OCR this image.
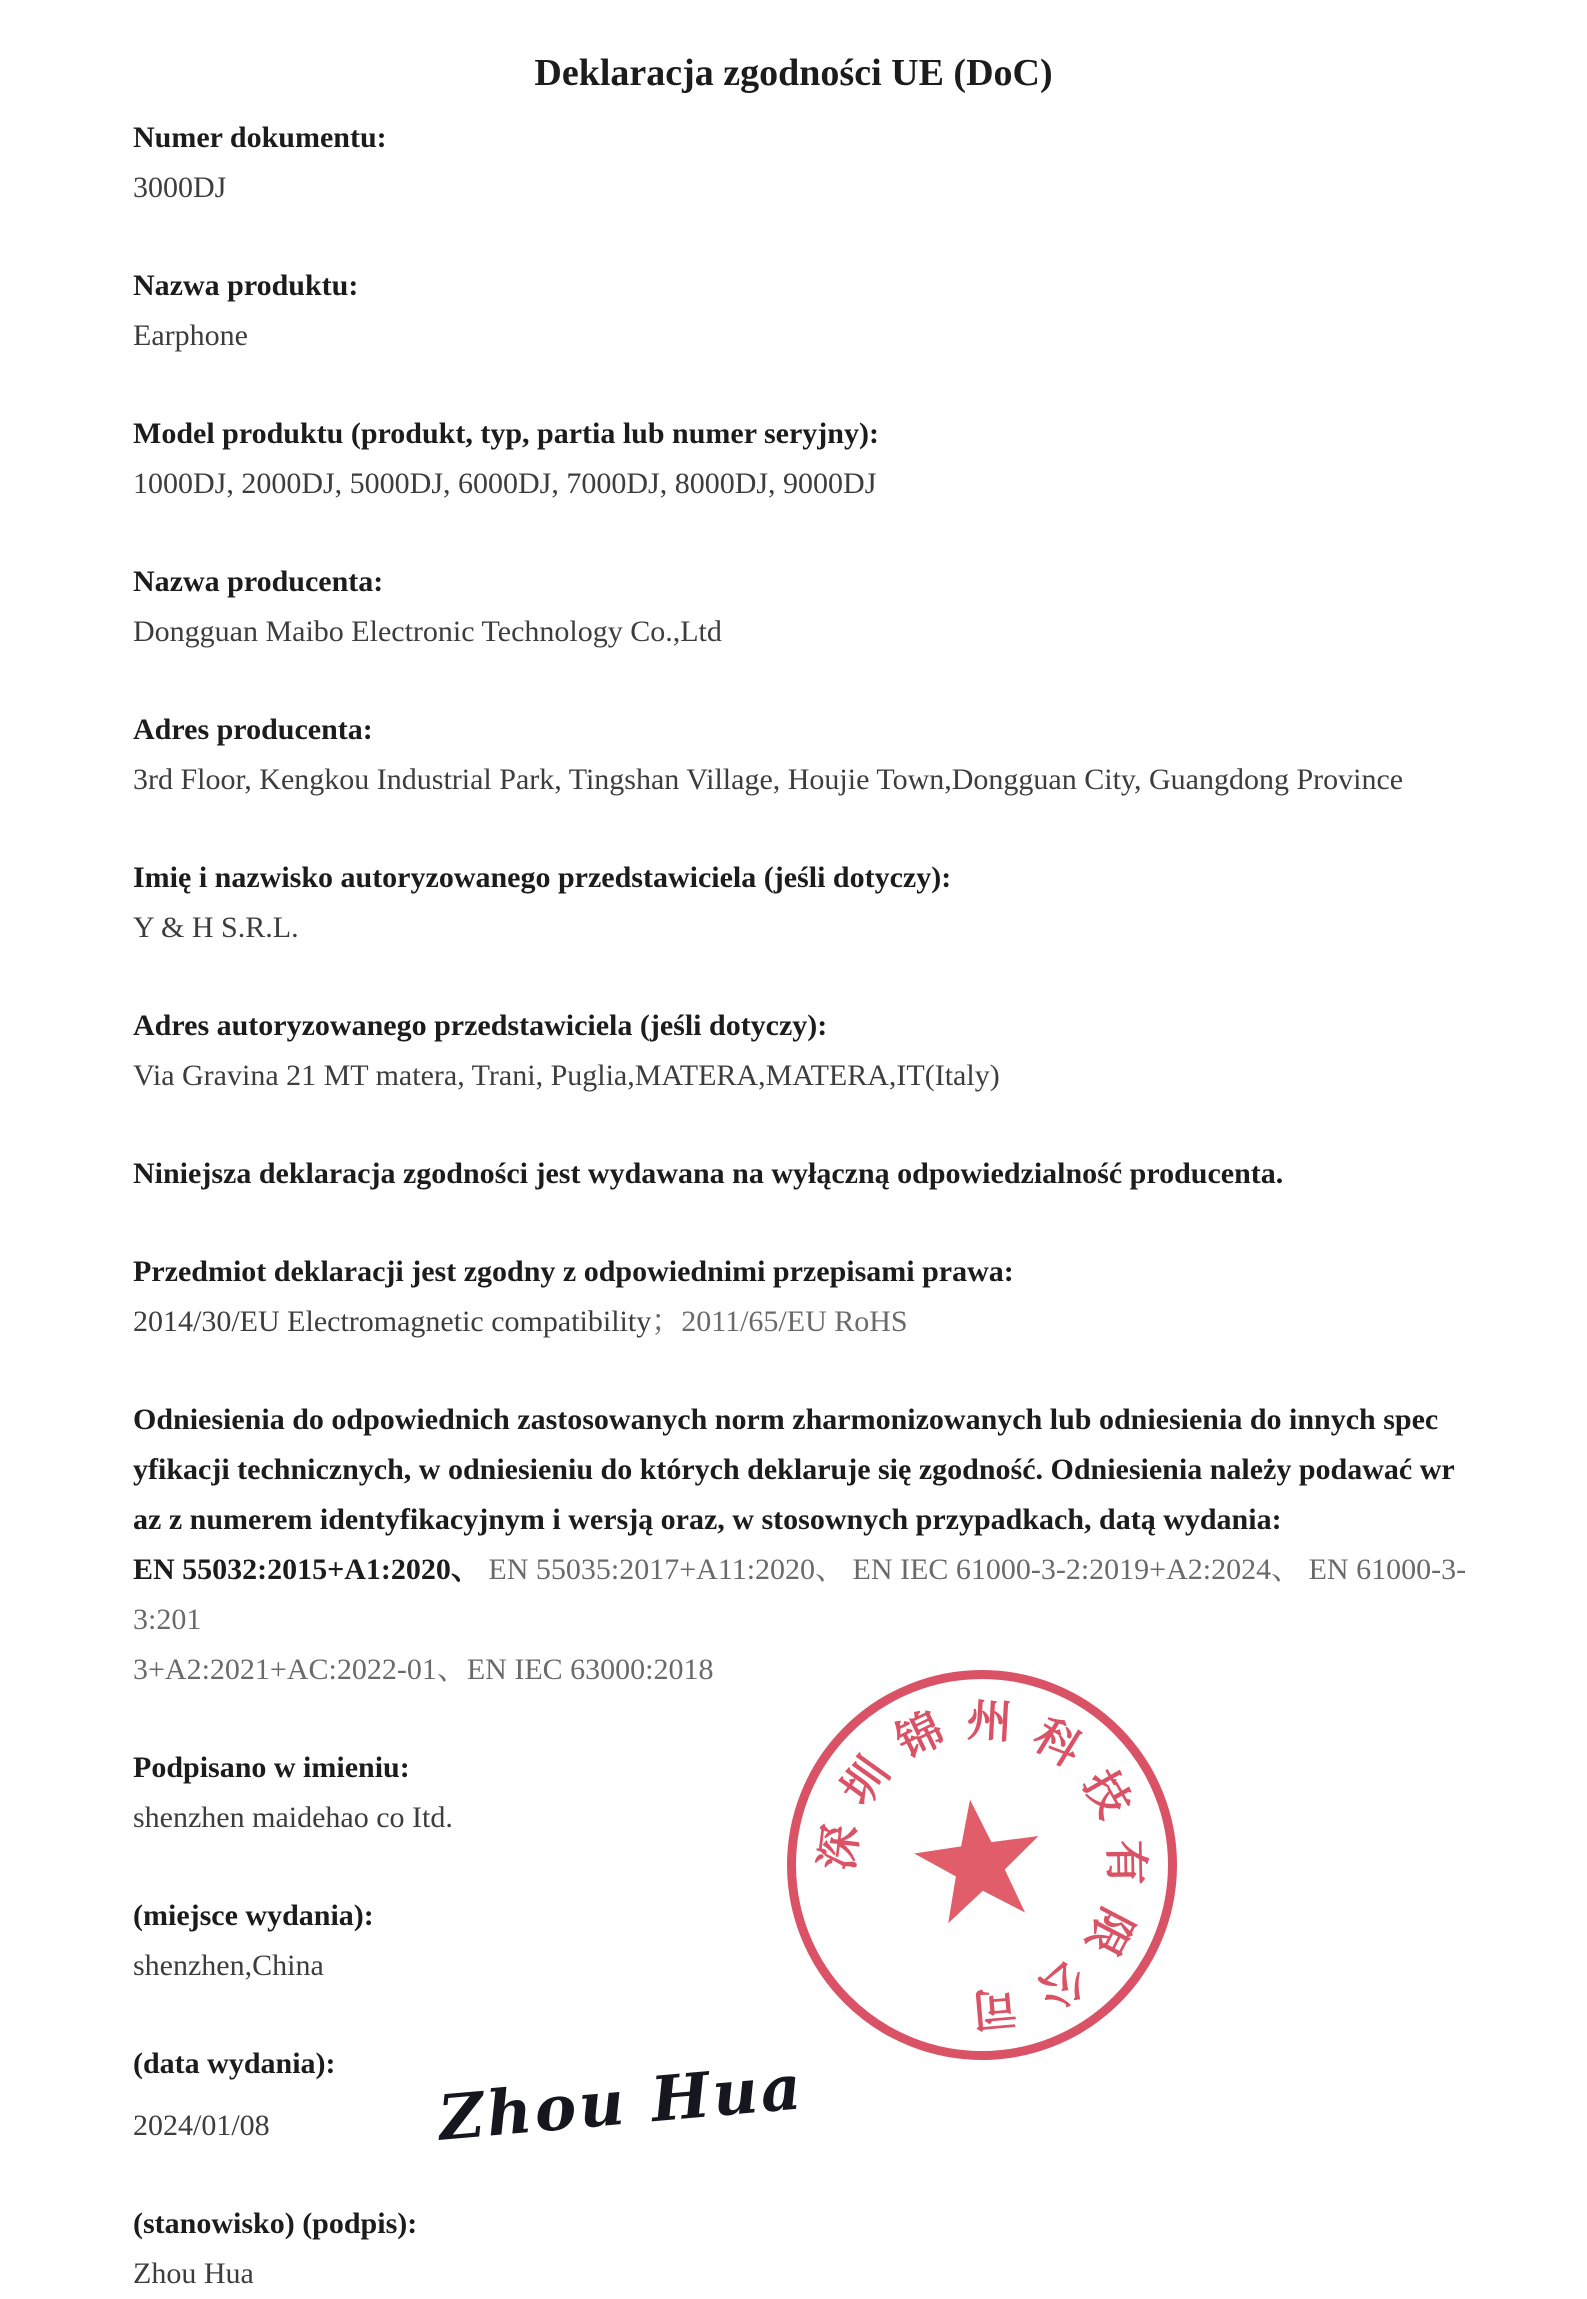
Deklaracja zgodności UE (DoC)
Numer dokumentu:
3000DJ
Nazwa produktu:
Earphone
Model produktu (produkt, typ, partia lub numer seryjny):
1000DJ, 2000DJ, 5000DJ, 6000DJ, 7000DJ, 8000DJ, 9000DJ
Nazwa producenta:
Dongguan Maibo Electronic Technology Co.,Ltd
Adres producenta:
3rd Floor, Kengkou Industrial Park, Tingshan Village, Houjie Town,Dongguan City, Guangdong Province
Imię i nazwisko autoryzowanego przedstawiciela (jeśli dotyczy):
Y & H S.R.L.
Adres autoryzowanego przedstawiciela (jeśli dotyczy):
Via Gravina 21 MT matera, Trani, Puglia,MATERA,MATERA,IT(Italy)
Niniejsza deklaracja zgodności jest wydawana na wyłączną odpowiedzialność producenta.
Przedmiot deklaracji jest zgodny z odpowiednimi przepisami prawa:
2014/30/EU Electromagnetic compatibility；2011/65/EU RoHS
Odniesienia do odpowiednich zastosowanych norm zharmonizowanych lub odniesienia do innych spec
yfikacji technicznych, w odniesieniu do których deklaruje się zgodność. Odniesienia należy podawać wr
az z numerem identyfikacyjnym i wersją oraz, w stosownych przypadkach, datą wydania:
EN 55032:2015+A1:2020、 EN 55035:2017+A11:2020、 EN IEC 61000-3-2:2019+A2:2024、 EN 61000-3-3:201
3+A2:2021+AC:2022-01、EN IEC 63000:2018
Podpisano w imieniu:
shenzhen maidehao co Itd.
(miejsce wydania):
shenzhen,China
(data wydania):
2024/01/08
(stanowisko) (podpis):
Zhou Hua
深
圳
锦 州 科
技
有
限
公
司
Zhou Hua
